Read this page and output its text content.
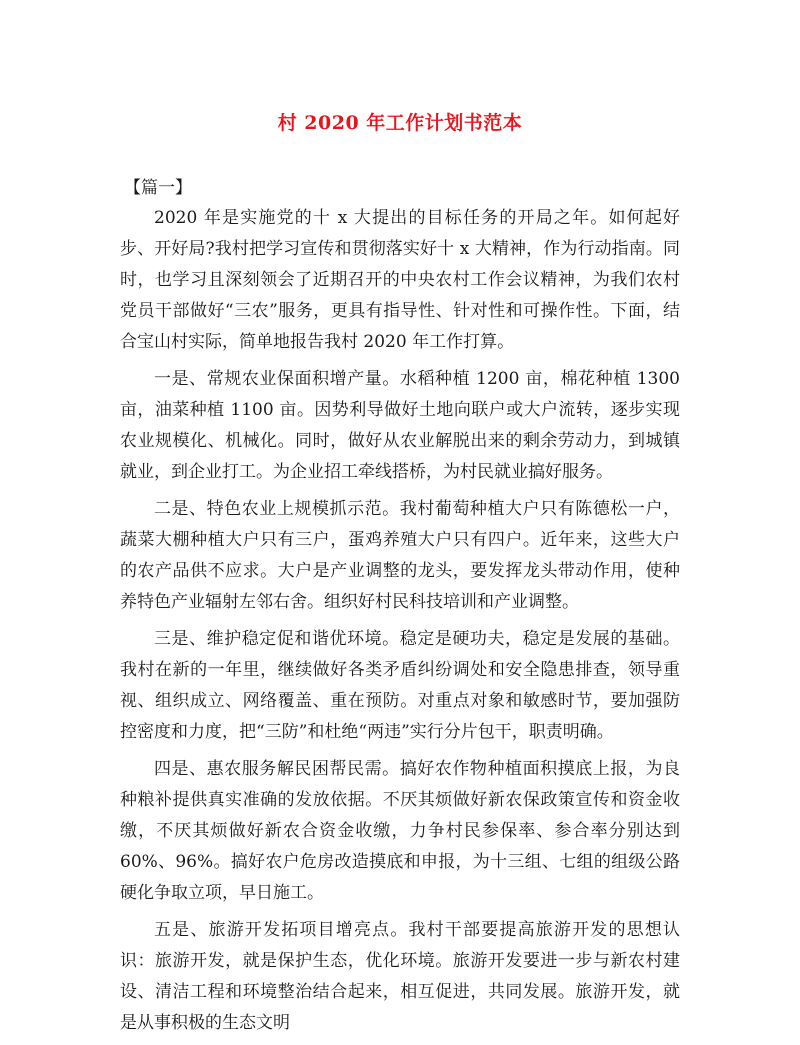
村 2020 年工作计划书范本
【篇一】

2020 年是实施党的十 x 大提出的目标任务的开局之年。如何起好步、开好局?我村把学习宣传和贯彻落实好十 x 大精神，作为行动指南。同时，也学习且深刻领会了近期召开的中央农村工作会议精神，为我们农村党员干部做好“三农”服务，更具有指导性、针对性和可操作性。下面，结合宝山村实际，简单地报告我村 2020 年工作打算。

一是、常规农业保面积增产量。水稻种植 1200 亩，棉花种植 1300 亩，油菜种植 1100 亩。因势利导做好土地向联户或大户流转，逐步实现农业规模化、机械化。同时，做好从农业解脱出来的剩余劳动力，到城镇就业，到企业打工。为企业招工牵线搭桥，为村民就业搞好服务。

二是、特色农业上规模抓示范。我村葡萄种植大户只有陈德松一户，蔬菜大棚种植大户只有三户，蛋鸡养殖大户只有四户。近年来，这些大户的农产品供不应求。大户是产业调整的龙头，要发挥龙头带动作用，使种养特色产业辐射左邻右舍。组织好村民科技培训和产业调整。

三是、维护稳定促和谐优环境。稳定是硬功夫，稳定是发展的基础。我村在新的一年里，继续做好各类矛盾纠纷调处和安全隐患排查，领导重视、组织成立、网络覆盖、重在预防。对重点对象和敏感时节，要加强防控密度和力度，把“三防”和杜绝“两违”实行分片包干，职责明确。

四是、惠农服务解民困帮民需。搞好农作物种植面积摸底上报，为良种粮补提供真实准确的发放依据。不厌其烦做好新农保政策宣传和资金收缴，不厌其烦做好新农合资金收缴，力争村民参保率、参合率分别达到 60%、96%。搞好农户危房改造摸底和申报，为十三组、七组的组级公路硬化争取立项，早日施工。

五是、旅游开发拓项目增亮点。我村干部要提高旅游开发的思想认识：旅游开发，就是保护生态，优化环境。旅游开发要进一步与新农村建设、清洁工程和环境整治结合起来，相互促进，共同发展。旅游开发，就是从事积极的生态文明
